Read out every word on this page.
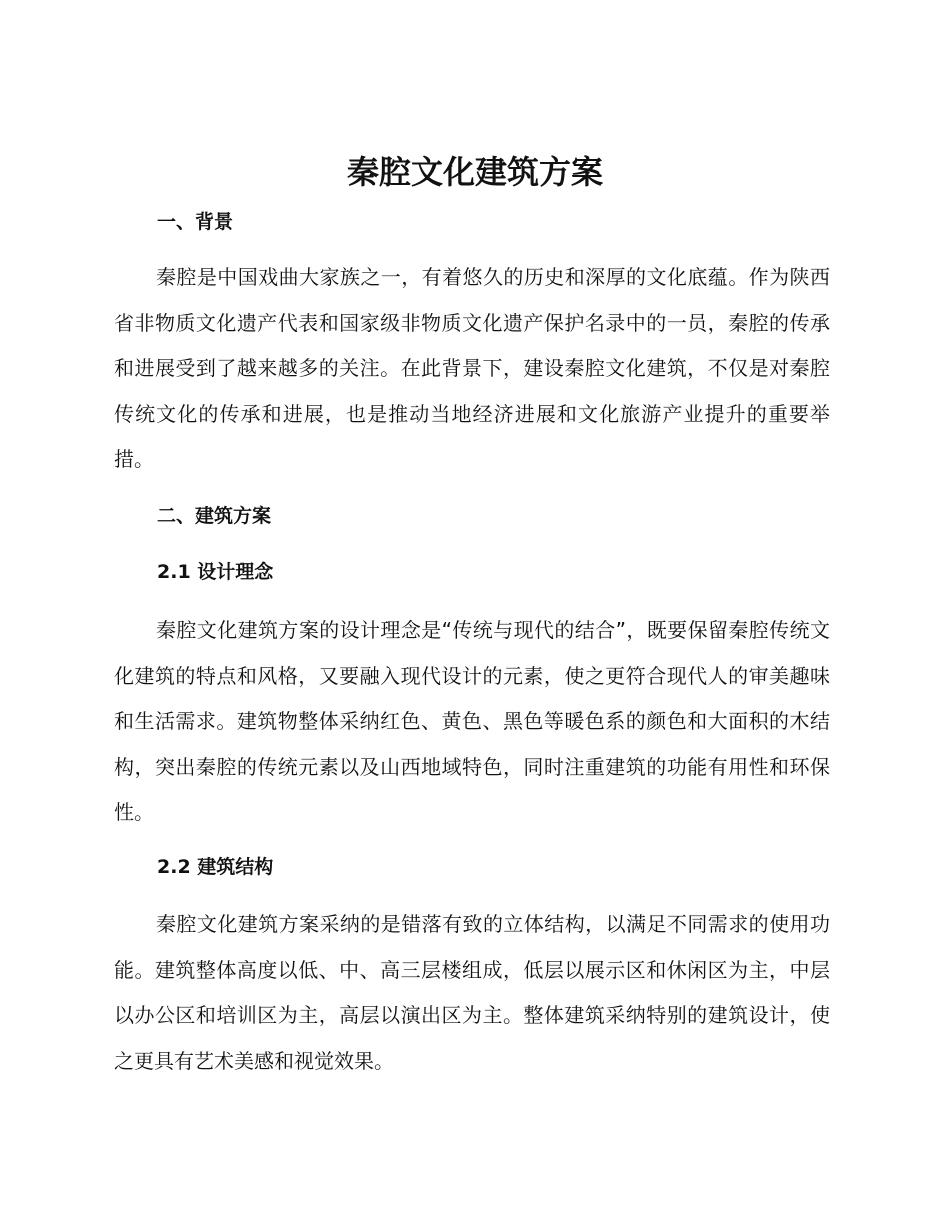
秦腔文化建筑方案
一、背景

秦腔是中国戏曲大家族之一，有着悠久的历史和深厚的文化底蕴。作为陕西省非物质文化遗产代表和国家级非物质文化遗产保护名录中的一员，秦腔的传承和进展受到了越来越多的关注。在此背景下，建设秦腔文化建筑，不仅是对秦腔传统文化的传承和进展，也是推动当地经济进展和文化旅游产业提升的重要举措。

二、建筑方案
2.1 设计理念

秦腔文化建筑方案的设计理念是“传统与现代的结合”，既要保留秦腔传统文化建筑的特点和风格，又要融入现代设计的元素，使之更符合现代人的审美趣味和生活需求。建筑物整体采纳红色、黄色、黑色等暖色系的颜色和大面积的木结构，突出秦腔的传统元素以及山西地域特色，同时注重建筑的功能有用性和环保性。

2.2 建筑结构

秦腔文化建筑方案采纳的是错落有致的立体结构，以满足不同需求的使用功能。建筑整体高度以低、中、高三层楼组成，低层以展示区和休闲区为主，中层以办公区和培训区为主，高层以演出区为主。整体建筑采纳特别的建筑设计，使之更具有艺术美感和视觉效果。
